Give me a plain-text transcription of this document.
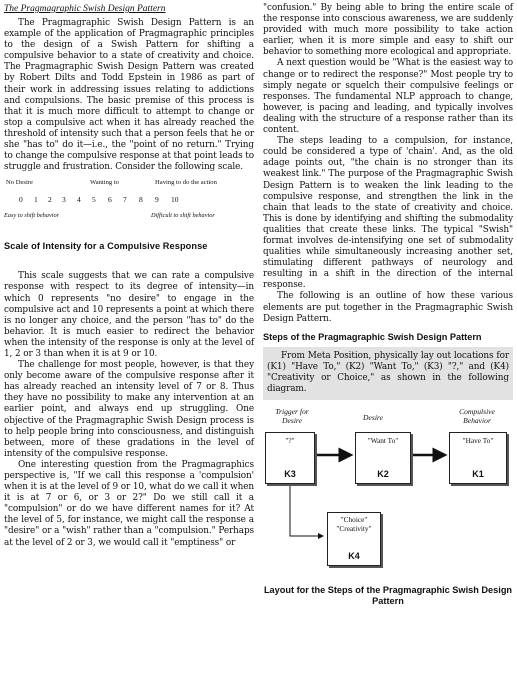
The Pragmagraphic Swish Design Pattern

The Pragmagraphic Swish Design Pattern is an example of the application of Pragmagraphic principles to the design of a Swish Pattern for shifting a compulsive behavior to a state of creativity and choice. The Pragmagraphic Swish Design Pattern was created by Robert Dilts and Todd Epstein in 1986 as part of their work in addressing issues relating to addictions and compulsions. The basic premise of this process is that it is much more difficult to attempt to change or stop a compulsive act when it has already reached the threshold of intensity such that a person feels that he or she "has to" do it—i.e., the "point of no return." Trying to change the compulsive response at that point leads to struggle and frustration. Consider the following scale.

No Desire	Wanting to	Having to do the action
0 1 2 3 4 5 6 7 8 9 10
Easy to shift behavior	Difficult to shift behavior
Scale of Intensity for a Compulsive Response

This scale suggests that we can rate a compulsive response with respect to its degree of intensity—in which 0 represents "no desire" to engage in the compulsive act and 10 represents a point at which there is no longer any choice, and the person "has to" do the behavior. It is much easier to redirect the behavior when the intensity of the response is only at the level of 1, 2 or 3 than when it is at 9 or 10.

The challenge for most people, however, is that they only become aware of the compulsive response after it has already reached an intensity level of 7 or 8. Thus they have no possibility to make any intervention at an earlier point, and always end up struggling. One objective of the Pragmagraphic Swish Design process is to help people bring into consciousness, and distinguish between, more of these gradations in the level of intensity of the compulsive response.

One interesting question from the Pragmagraphics perspective is, "If we call this response a 'compulsion' when it is at the level of 9 or 10, what do we call it when it is at 7 or 6, or 3 or 2?" Do we still call it a "compulsion" or do we have different names for it? At the level of 5, for instance, we might call the response a "desire" or a "wish" rather than a "compulsion." Perhaps at the level of 2 or 3, we would call it "emptiness" or

"confusion." By being able to bring the entire scale of the response into conscious awareness, we are suddenly provided with much more possibility to take action earlier, when it is more simple and easy to shift our behavior to something more ecological and appropriate.

A next question would be "What is the easiest way to change or to redirect the response?" Most people try to simply negate or squelch their compulsive feelings or responses. The fundamental NLP approach to change, however, is pacing and leading, and typically involves dealing with the structure of a response rather than its content.

The steps leading to a compulsion, for instance, could be considered a type of 'chain'. And, as the old adage points out, "the chain is no stronger than its weakest link." The purpose of the Pragmagraphic Swish Design Pattern is to weaken the link leading to the compulsive response, and strengthen the link in the chain that leads to the state of creativity and choice. This is done by identifying and shifting the submodality qualities that create these links. The typical "Swish" format involves de-intensifying one set of submodality qualities while simultaneously increasing another set, stimulating different pathways of neurology and resulting in a shift in the direction of the internal response.

The following is an outline of how these various elements are put together in the Pragmagraphic Swish Design Pattern.

Steps of the Pragmagraphic Swish Design Pattern

From Meta Position, physically lay out locations for (K1) "Have To," (K2) "Want To," (K3) "?," and (K4) "Creativity or Choice," as shown in the following diagram.

Trigger for Desire	Desire
Compulsive Behavior
"?"
K3
"Want To"
K2
"Have To"
K1
"Choice"
"Creativity"
K4
Layout for the Steps of the Pragmagraphic Swish Design Pattern
